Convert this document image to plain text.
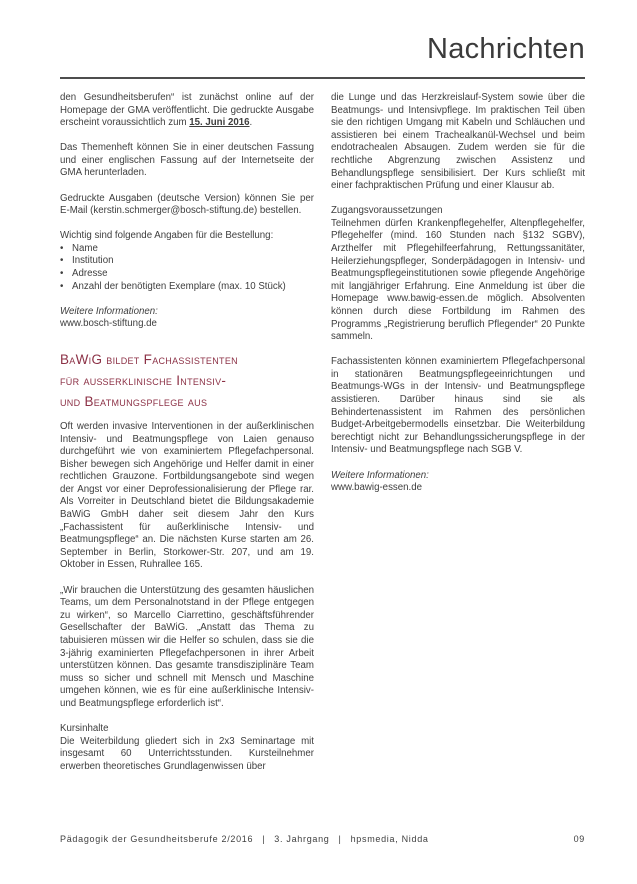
Nachrichten

den Gesundheitsberufen“ ist zunächst online auf der Homepage der GMA veröffentlicht. Die gedruckte Ausgabe erscheint voraussichtlich zum 15. Juni 2016.

Das Themenheft können Sie in einer deutschen Fassung und einer englischen Fassung auf der Internetseite der GMA herunterladen.

Gedruckte Ausgaben (deutsche Version) können Sie per E-Mail (kerstin.schmerger@bosch-stiftung.de) bestellen.

Wichtig sind folgende Angaben für die Bestellung:

• Name
• Institution
• Adresse
• Anzahl der benötigten Exemplare (max. 10 Stück)
Weitere Informationen:
www.bosch-stiftung.de
BaWiG bildet Fachassistenten
für außerklinische Intensiv-
und Beatmungspflege aus

Oft werden invasive Interventionen in der außerklinischen Intensiv- und Beatmungspflege von Laien genauso durchgeführt wie von examiniertem Pflegefachpersonal. Bisher bewegen sich Angehörige und Helfer damit in einer rechtlichen Grauzone. Fortbildungsangebote sind wegen der Angst vor einer Deprofessionalisierung der Pflege rar. Als Vorreiter in Deutschland bietet die Bildungsakademie BaWiG GmbH daher seit diesem Jahr den Kurs „Fachassistent für außerklinische Intensiv- und Beatmungspflege“ an. Die nächsten Kurse starten am 26. September in Berlin, Storkower-Str. 207, und am 19. Oktober in Essen, Ruhrallee 165.

„Wir brauchen die Unterstützung des gesamten häuslichen Teams, um dem Personalnotstand in der Pflege entgegen zu wirken“, so Marcello Ciarrettino, geschäftsführender Gesellschafter der BaWiG. „Anstatt das Thema zu tabuisieren müssen wir die Helfer so schulen, dass sie die 3-jährig examinierten Pflegefachpersonen in ihrer Arbeit unterstützen können. Das gesamte transdisziplinäre Team muss so sicher und schnell mit Mensch und Maschine umgehen können, wie es für eine außerklinische Intensiv- und Beatmungspflege erforderlich ist“.

Kursinhalte
Die Weiterbildung gliedert sich in 2x3 Seminartage mit insgesamt 60 Unterrichtsstunden. Kursteilnehmer erwerben theoretisches Grundlagenwissen über

die Lunge und das Herzkreislauf-System sowie über die Beatmungs- und Intensivpflege. Im praktischen Teil üben sie den richtigen Umgang mit Kabeln und Schläuchen und assistieren bei einem Trachealkanül-Wechsel und beim endotrachealen Absaugen. Zudem werden sie für die rechtliche Abgrenzung zwischen Assistenz und Behandlungspflege sensibilisiert. Der Kurs schließt mit einer fachpraktischen Prüfung und einer Klausur ab.

Zugangsvoraussetzungen
Teilnehmen dürfen Krankenpflegehelfer, Altenpflegehelfer, Pflegehelfer (mind. 160 Stunden nach §132 SGBV), Arzthelfer mit Pflegehilfeerfahrung, Rettungssanitäter, Heilerziehungspfleger, Sonderpädagogen in Intensiv- und Beatmungspflegeinstitutionen sowie pflegende Angehörige mit langjähriger Erfahrung. Eine Anmeldung ist über die Homepage www.bawig-essen.de möglich. Absolventen können durch diese Fortbildung im Rahmen des Programms „Registrierung beruflich Pflegender“ 20 Punkte sammeln.

Fachassistenten können examiniertem Pflegefachpersonal in stationären Beatmungspflegeeinrichtungen und Beatmungs-WGs in der Intensiv- und Beatmungspflege assistieren. Darüber hinaus sind sie als Behindertenassistent im Rahmen des persönlichen Budget-Arbeitgebermodells einsetzbar. Die Weiterbildung berechtigt nicht zur Behandlungssicherungspflege in der Intensiv- und Beatmungspflege nach SGB V.

Weitere Informationen:
www.bawig-essen.de
Pädagogik der Gesundheitsberufe 2/2016 | 3. Jahrgang | hpsmedia, Nidda	09
